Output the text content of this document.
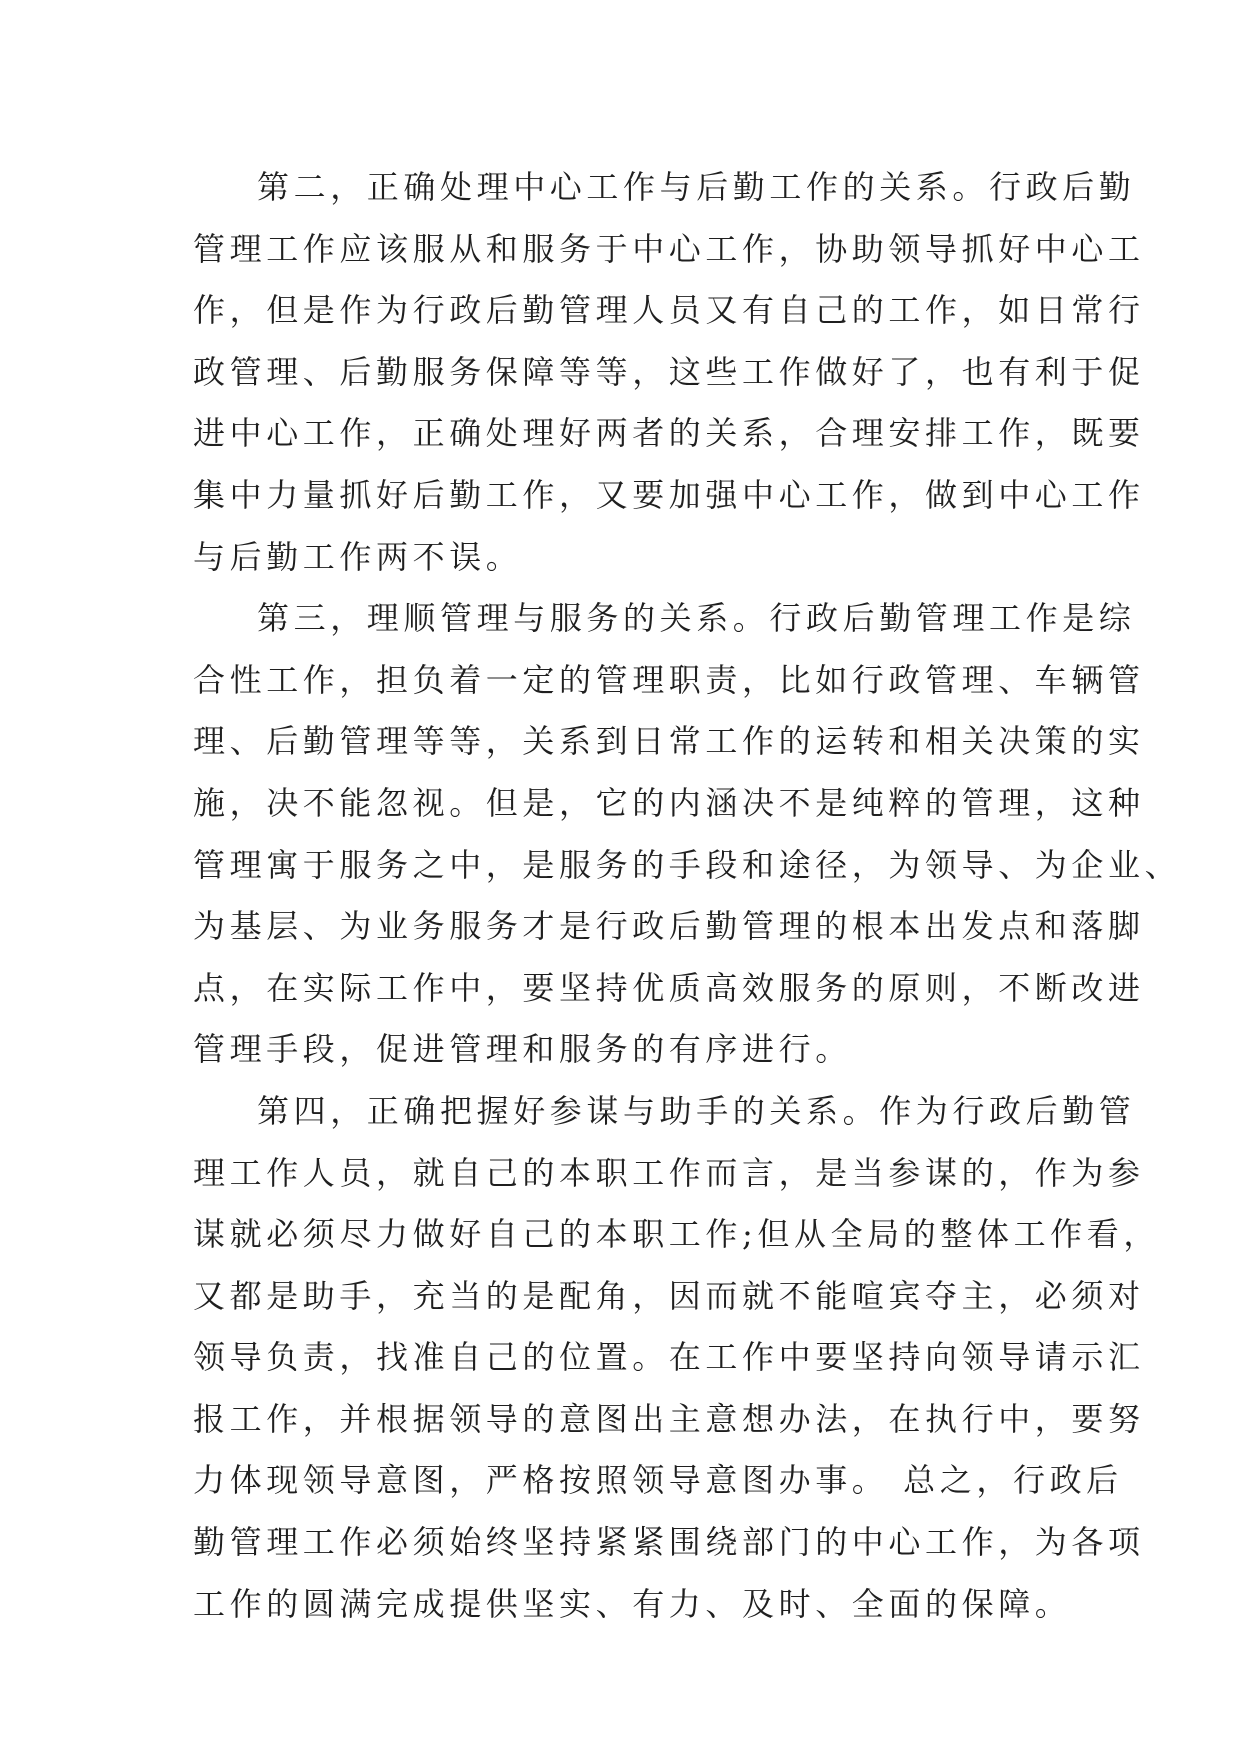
第二，正确处理中心工作与后勤工作的关系。行政后勤
管理工作应该服从和服务于中心工作，协助领导抓好中心工
作，但是作为行政后勤管理人员又有自己的工作，如日常行
政管理、后勤服务保障等等，这些工作做好了，也有利于促
进中心工作，正确处理好两者的关系，合理安排工作，既要
集中力量抓好后勤工作，又要加强中心工作，做到中心工作
与后勤工作两不误。
第三，理顺管理与服务的关系。行政后勤管理工作是综
合性工作，担负着一定的管理职责，比如行政管理、车辆管
理、后勤管理等等，关系到日常工作的运转和相关决策的实
施，决不能忽视。但是，它的内涵决不是纯粹的管理，这种
管理寓于服务之中，是服务的手段和途径，为领导、为企业、
为基层、为业务服务才是行政后勤管理的根本出发点和落脚
点，在实际工作中，要坚持优质高效服务的原则，不断改进
管理手段，促进管理和服务的有序进行。
第四，正确把握好参谋与助手的关系。作为行政后勤管
理工作人员，就自己的本职工作而言，是当参谋的，作为参
谋就必须尽力做好自己的本职工作;但从全局的整体工作看，
又都是助手，充当的是配角，因而就不能喧宾夺主，必须对
领导负责，找准自己的位置。在工作中要坚持向领导请示汇
报工作，并根据领导的意图出主意想办法，在执行中，要努
力体现领导意图，严格按照领导意图办事。 总之，行政后
勤管理工作必须始终坚持紧紧围绕部门的中心工作，为各项
工作的圆满完成提供坚实、有力、及时、全面的保障。
